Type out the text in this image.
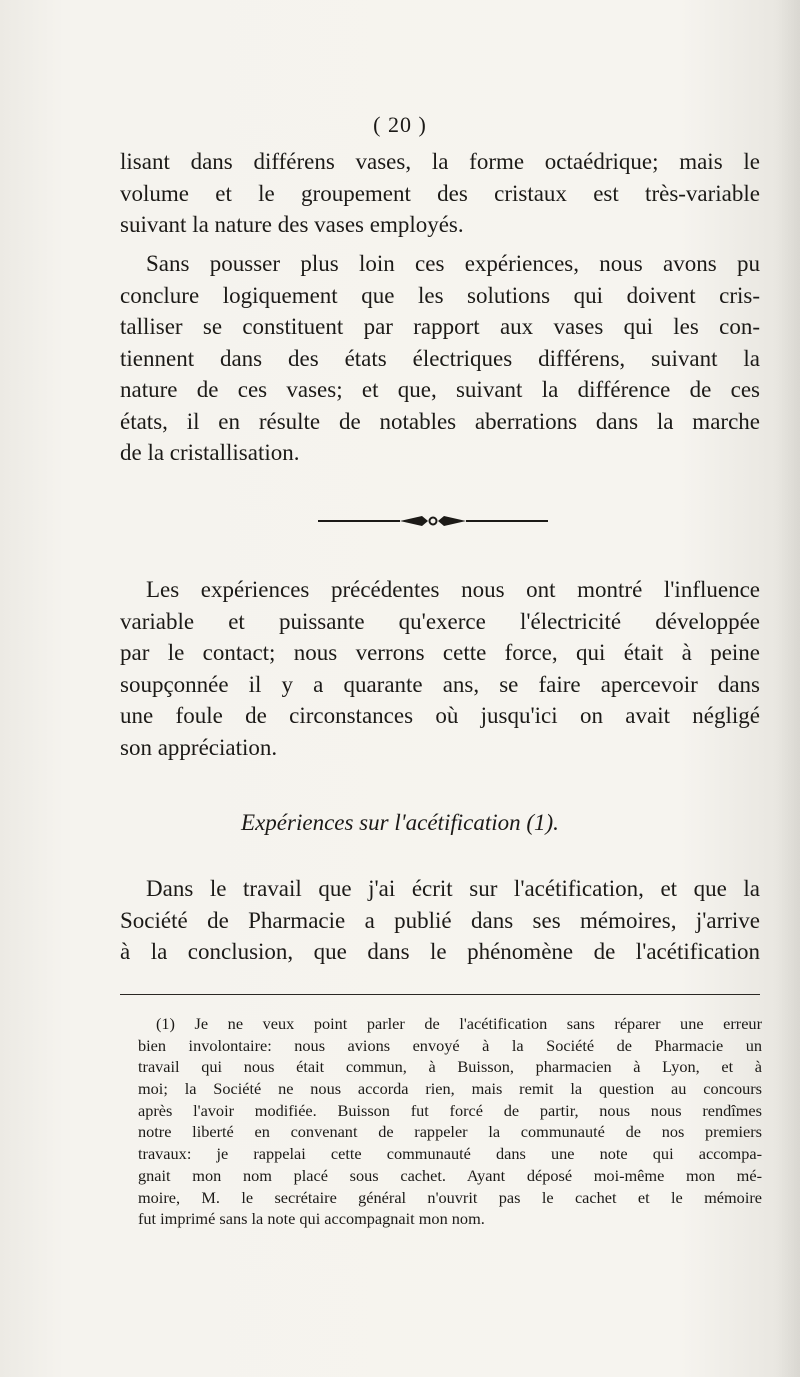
( 20 )
lisant dans différens vases, la forme octaédrique; mais le
volume et le groupement des cristaux est très-variable
suivant la nature des vases employés.
Sans pousser plus loin ces expériences, nous avons pu
conclure logiquement que les solutions qui doivent cris-
talliser se constituent par rapport aux vases qui les con-
tiennent dans des états électriques différens, suivant la
nature de ces vases; et que, suivant la différence de ces
états, il en résulte de notables aberrations dans la marche
de la cristallisation.
Les expériences précédentes nous ont montré l'influence
variable et puissante qu'exerce l'électricité développée
par le contact; nous verrons cette force, qui était à peine
soupçonnée il y a quarante ans, se faire apercevoir dans
une foule de circonstances où jusqu'ici on avait négligé
son appréciation.
Expériences sur l'acétification (1).
Dans le travail que j'ai écrit sur l'acétification, et que la
Société de Pharmacie a publié dans ses mémoires, j'arrive
à la conclusion, que dans le phénomène de l'acétification
(1) Je ne veux point parler de l'acétification sans réparer une erreur
bien involontaire: nous avions envoyé à la Société de Pharmacie un
travail qui nous était commun, à Buisson, pharmacien à Lyon, et à
moi; la Société ne nous accorda rien, mais remit la question au concours
après l'avoir modifiée. Buisson fut forcé de partir, nous nous rendîmes
notre liberté en convenant de rappeler la communauté de nos premiers
travaux: je rappelai cette communauté dans une note qui accompa-
gnait mon nom placé sous cachet. Ayant déposé moi-même mon mé-
moire, M. le secrétaire général n'ouvrit pas le cachet et le mémoire
fut imprimé sans la note qui accompagnait mon nom.
